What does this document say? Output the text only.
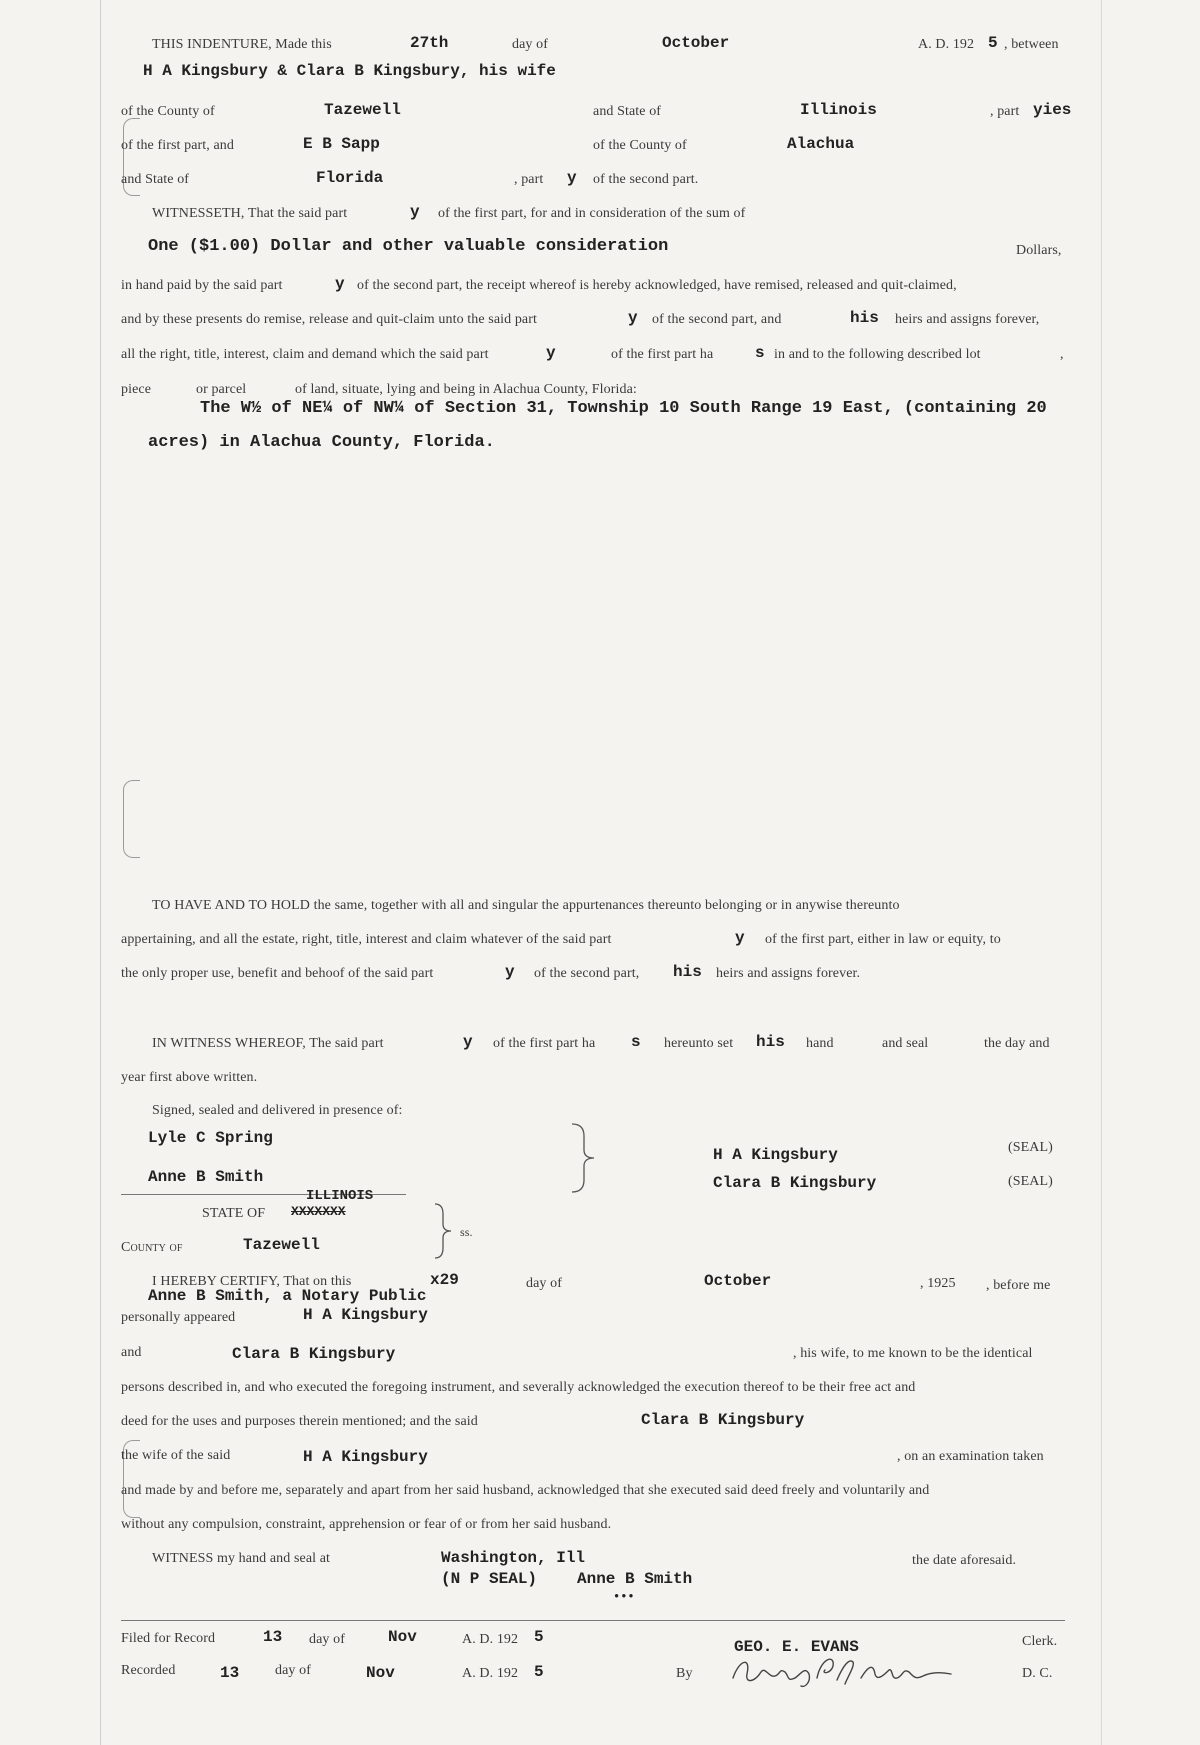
THIS INDENTURE, Made this	27th	day of	October	A. D. 192 5 , between
H A Kingsbury & Clara B Kingsbury, his wife
of the County of	Tazewell	and State of	Illinois	, part yies
of the first part, and	E B Sapp	of the County of	Alachua
and State of	Florida	, part y of the second part.
WITNESSETH, That the said part	y of the first part, for and in consideration of the sum of
One ($1.00) Dollar and other valuable consideration	Dollars,
in hand paid by the said part	y of the second part, the receipt whereof is hereby acknowledged, have remised, released and quit-claimed,
and by these presents do remise, release and quit-claim unto the said part	y of the second part, and	his heirs and assigns forever,
all the right, title, interest, claim and demand which the said part	y	of the first part ha	s in and to the following described lot	,
piece	or parcel	of land, situate, lying and being in Alachua County, Florida:
The W½ of NE¼ of NW¼ of Section 31, Township 10 South Range 19 East, (containing 20
acres) in Alachua County, Florida.
TO HAVE AND TO HOLD the same, together with all and singular the appurtenances thereunto belonging or in anywise thereunto
appertaining, and all the estate, right, title, interest and claim whatever of the said part	y of the first part, either in law or equity, to
the only proper use, benefit and behoof of the said part	y of the second part, his heirs and assigns forever.
IN WITNESS WHEREOF, The said part	y of the first part ha s hereunto set his hand	and seal	the day and
year first above written.
Signed, sealed and delivered in presence of:
Lyle C Spring
Anne B Smith
H A Kingsbury
Clara B Kingsbury
(SEAL)
(SEAL)
STATE OF XXXXXXX
ILLINOIS
County of	Tazewell
ss.
I HEREBY CERTIFY, That on this	x29	day of	October	, 1925 , before me
Anne B Smith, a Notary Public
personally appeared	H A Kingsbury
and	Clara B Kingsbury	, his wife, to me known to be the identical
persons described in, and who executed the foregoing instrument, and severally acknowledged the execution thereof to be their free act and
deed for the uses and purposes therein mentioned; and the said	Clara B Kingsbury
the wife of the said	H A Kingsbury	, on an examination taken
and made by and before me, separately and apart from her said husband, acknowledged that she executed said deed freely and voluntarily and
without any compulsion, constraint, apprehension or fear of or from her said husband.
WITNESS my hand and seal at	Washington, Ill	the date aforesaid.
(N P SEAL) Anne B Smith
•••
Filed for Record	13 day of	Nov	A. D. 192 5
GEO. E. EVANS	Clerk.
Recorded	13	day of	Nov	A. D. 192 5	By	D. C.
